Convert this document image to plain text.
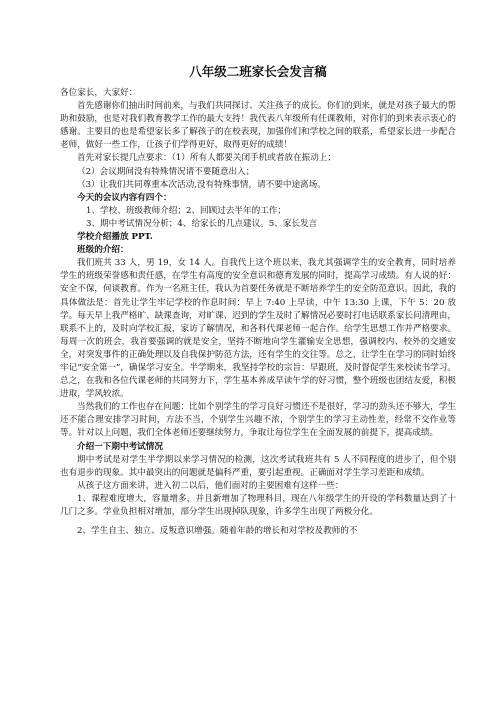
八年级二班家长会发言稿

各位家长，大家好：

首先感谢你们抽出时间前来，与我们共同探讨、关注孩子的成长。你们的到来，就是对孩子最大的帮助和鼓励，也是对我们教育教学工作的最大支持！我代表八年级所有任课教师，对你们的到来表示衷心的感谢。主要目的也是希望家长多了解孩子的在校表现，加强你们和学校之间的联系，希望家长进一步配合老师，做好一些工作，让孩子们学得更好，取得更好的成绩！

首先对家长提几点要求：（1）所有人都要关闭手机或者放在振动上；

（2）会议期间没有特殊情况请不要随意出入；

（3）让我们共同尊重本次活动,没有特殊事情，请不要中途离场。

今天的会议内容有四个：

1、学校、班级教师介绍；2、回顾过去半年的工作；

3、期中考试情况分析；4、给家长的几点建议。5、家长发言

学校介绍播放 PPT.

班级的介绍：

我们班共 33 人，男 19，女 14 人。自我代上这个班以来，我尤其强调学生的安全教育，同时培养学生的班级荣誉感和责任感，在学生有高度的安全意识和德育发展的同时，提高学习成绩。有人说的好：安全不保，何谈教育。作为一名班主任，我认为首要任务就是不断培养学生的安全防范意识。因此，我的具体做法是：首先让学生牢记学校的作息时间：早上 7:40 上早读，中午 13:30 上课，下午 5：20 放学。每天早上我严格旷、缺课查询，对旷课、迟到的学生及时了解情况必要时打电话联系家长问清理由，联系不上的，及时向学校汇报，家访了解情况，和各科代课老师一起合作。给学生思想工作并严格要求。每周一次的班会，我首要强调的就是安全，坚持不断地向学生灌输安全思想，强调校内、校外的交通安全，对突发事件的正确处理以及自我保护防范方法，还有学生的交往等。总之，让学生在学习的同时始终牢记“安全第一”，确保学习安全。半学期来，我坚持学校的宗旨：早跟班，及时督促学生来校读书学习。总之，在我和各位代课老师的共同努力下，学生基本养成早读午学的好习惯，整个班级也团结友爱，积极进取，学风较浓。

当然我们的工作也存在问题：比如个别学生的学习良好习惯还不是很好，学习的劲头还不够大，学生还不能合理安排学习时间，方法不当，个别学生兴趣不浓，个别学生的学习主动性差，经常不交作业等等。针对以上问题，我们全体老师还要继续努力，争取让每位学生在全面发展的前提下，提高成绩。

介绍一下期中考试情况

期中考试是对学生半学期以来学习情况的检测，这次考试我班共有 5 人不同程度的进步了，但个别也有退步的现象。其中最突出的问题就是偏科严重，要引起重视。正确面对学生学习差距和成绩。

从孩子这方面来讲，进入初二以后，他们面对的主要困难有这样一些：

1、课程难度增大，容量增多，并且新增加了物理科目，现在八年级学生的开设的学科数量达到了十几门之多。学业负担相对增加，部分学生出现掉队现象，许多学生出现了两极分化。

2、学生自主、独立、反叛意识增强。随着年龄的增长和对学校及教师的不
